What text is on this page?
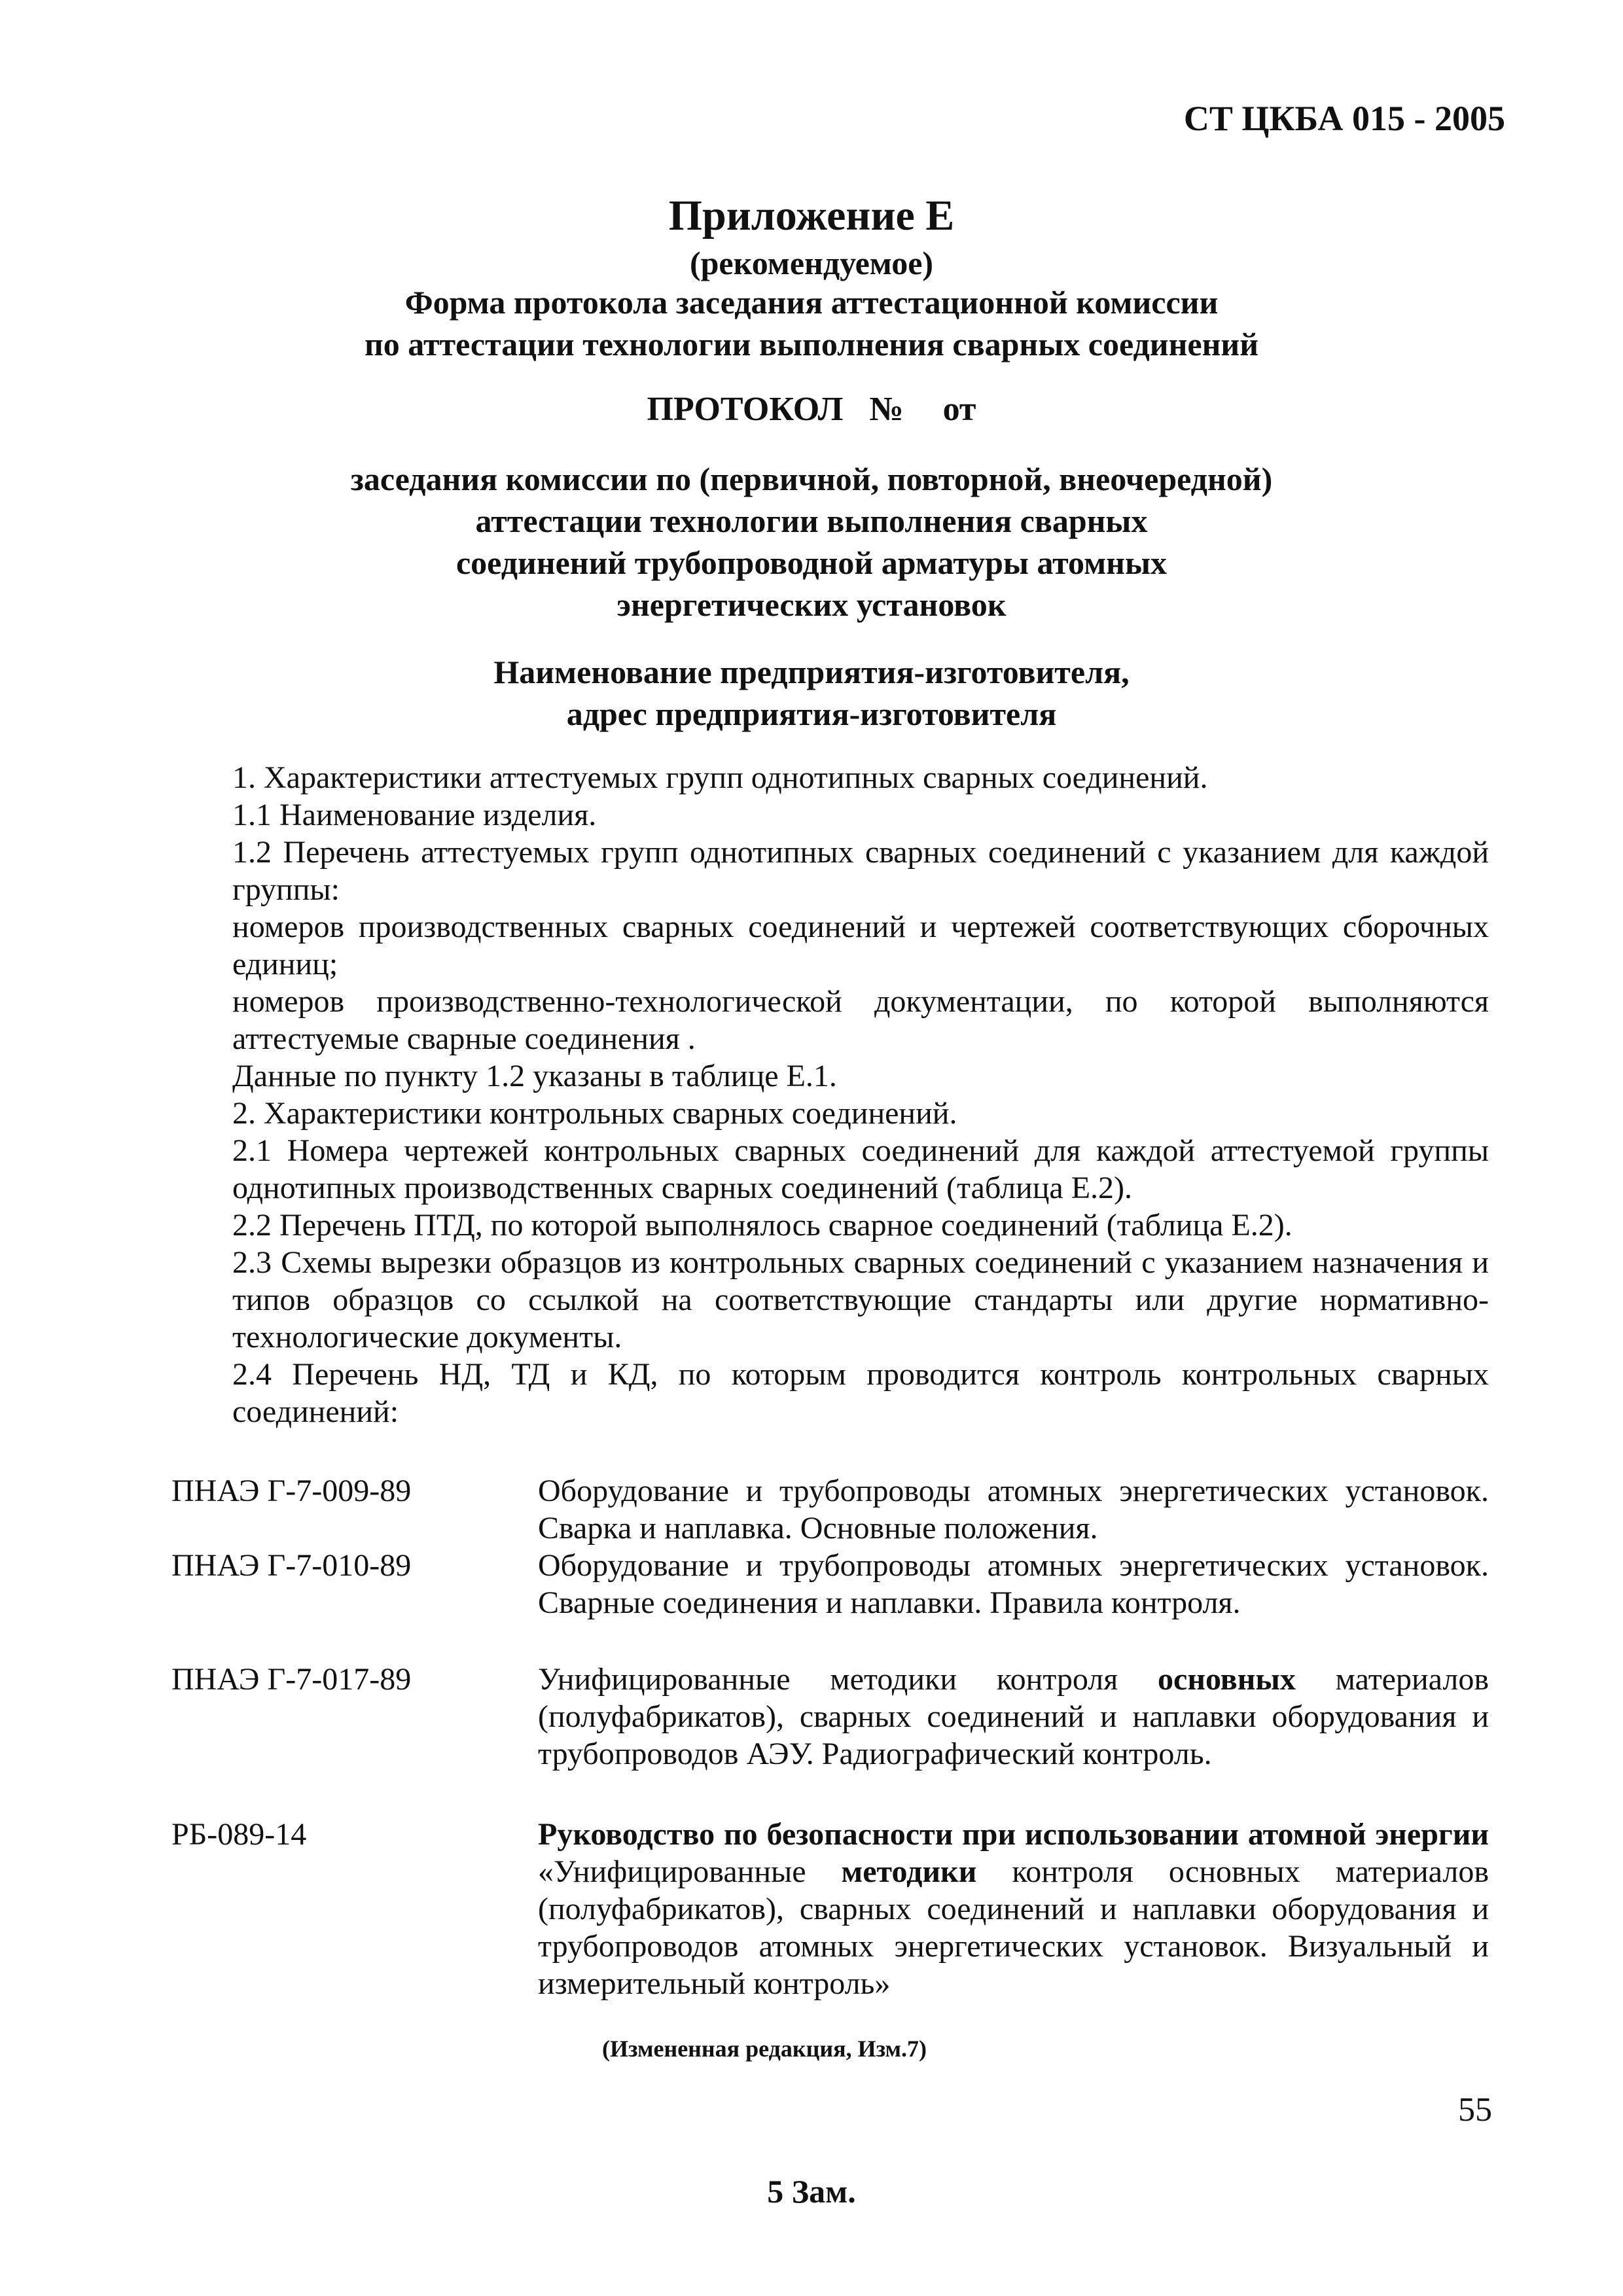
СТ ЦКБА 015 - 2005
Приложение Е
(рекомендуемое)
Форма протокола заседания аттестационной комиссии
по аттестации технологии выполнения сварных соединений
ПРОТОКОЛ № от
заседания комиссии по (первичной, повторной, внеочередной)
аттестации технологии выполнения сварных
соединений трубопроводной арматуры атомных
энергетических установок
Наименование предприятия-изготовителя,
адрес предприятия-изготовителя

1. Характеристики аттестуемых групп однотипных сварных соединений.

1.1 Наименование изделия.

1.2 Перечень аттестуемых групп однотипных сварных соединений с указанием для каждой группы:

номеров производственных сварных соединений и чертежей соответствующих сборочных единиц;

номеров производственно-технологической документации, по которой выполняются аттестуемые сварные соединения .

Данные по пункту 1.2 указаны в таблице Е.1.

2. Характеристики контрольных сварных соединений.

2.1 Номера чертежей контрольных сварных соединений для каждой аттестуемой группы однотипных производственных сварных соединений (таблица Е.2).

2.2 Перечень ПТД, по которой выполнялось сварное соединений (таблица Е.2).

2.3 Схемы вырезки образцов из контрольных сварных соединений с указанием назначения и типов образцов со ссылкой на соответствующие стандарты или другие нормативно-технологические документы.

2.4 Перечень НД, ТД и КД, по которым проводится контроль контрольных сварных соединений:

ПНАЭ Г-7-009-89	Оборудование и трубопроводы атомных энергетических установок. Сварка и наплавка. Основные положения.
ПНАЭ Г-7-010-89	Оборудование и трубопроводы атомных энергетических установок. Сварные соединения и наплавки. Правила контроля.
ПНАЭ Г-7-017-89	Унифицированные методики контроля основных материалов (полуфабрикатов), сварных соединений и наплавки оборудования и трубопроводов АЭУ. Радиографический контроль.
РБ-089-14	Руководство по безопасности при использовании атомной энергии «Унифицированные методики контроля основных материалов (полуфабрикатов), сварных соединений и наплавки оборудования и трубопроводов атомных энергетических установок. Визуальный и измерительный контроль»
(Измененная редакция, Изм.7)
55
5 Зам.
